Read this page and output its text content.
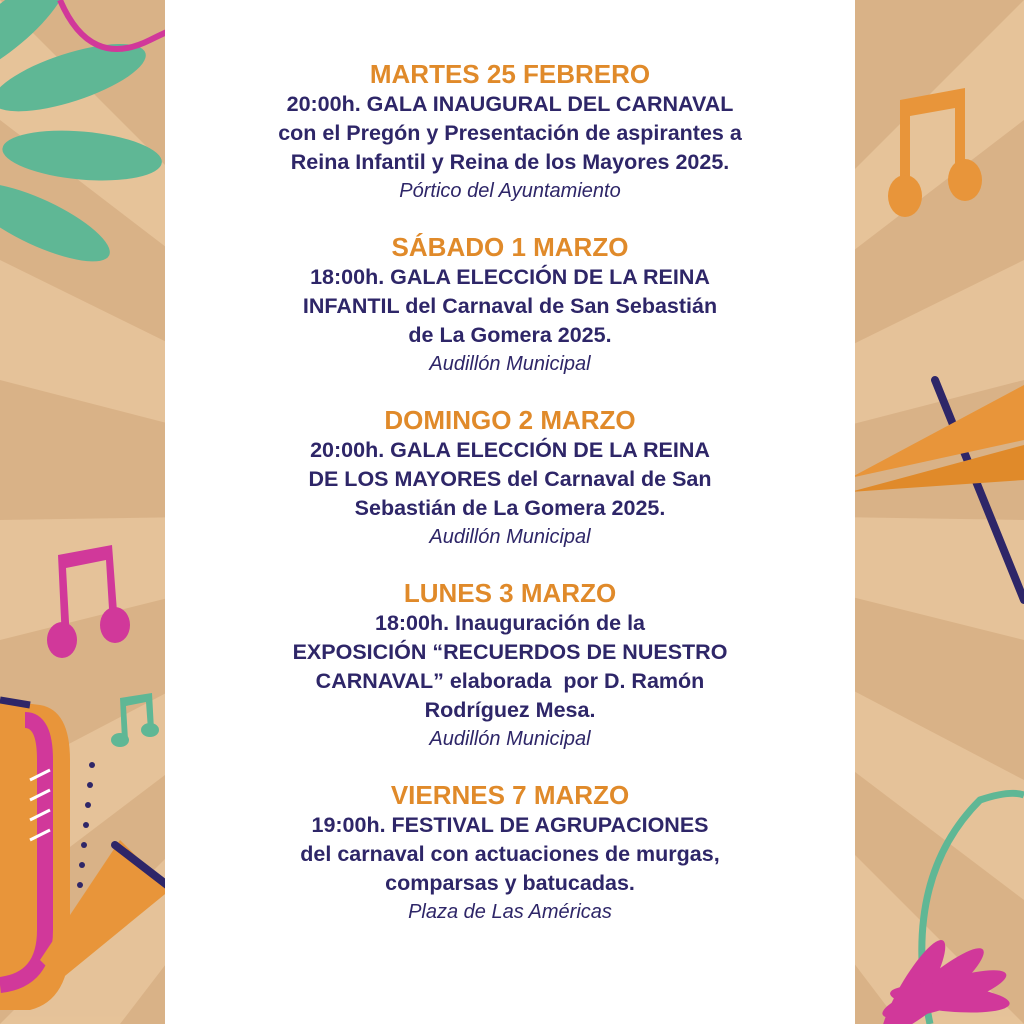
MARTES 25 FEBRERO
20:00h. GALA INAUGURAL DEL CARNAVAL
con el Pregón y Presentación de aspirantes a
Reina Infantil y Reina de los Mayores 2025.
Pórtico del Ayuntamiento
SÁBADO 1 MARZO
18:00h. GALA ELECCIÓN DE LA REINA
INFANTIL del Carnaval de San Sebastián
de La Gomera 2025.
Audillón Municipal
DOMINGO 2 MARZO
20:00h. GALA ELECCIÓN DE LA REINA
DE LOS MAYORES del Carnaval de San
Sebastián de La Gomera 2025.
Audillón Municipal
LUNES 3 MARZO
18:00h. Inauguración de la
EXPOSICIÓN “RECUERDOS DE NUESTRO
CARNAVAL” elaborada  por D. Ramón
Rodríguez Mesa.
Audillón Municipal
VIERNES 7 MARZO
19:00h. FESTIVAL DE AGRUPACIONES
del carnaval con actuaciones de murgas,
comparsas y batucadas.
Plaza de Las Américas
